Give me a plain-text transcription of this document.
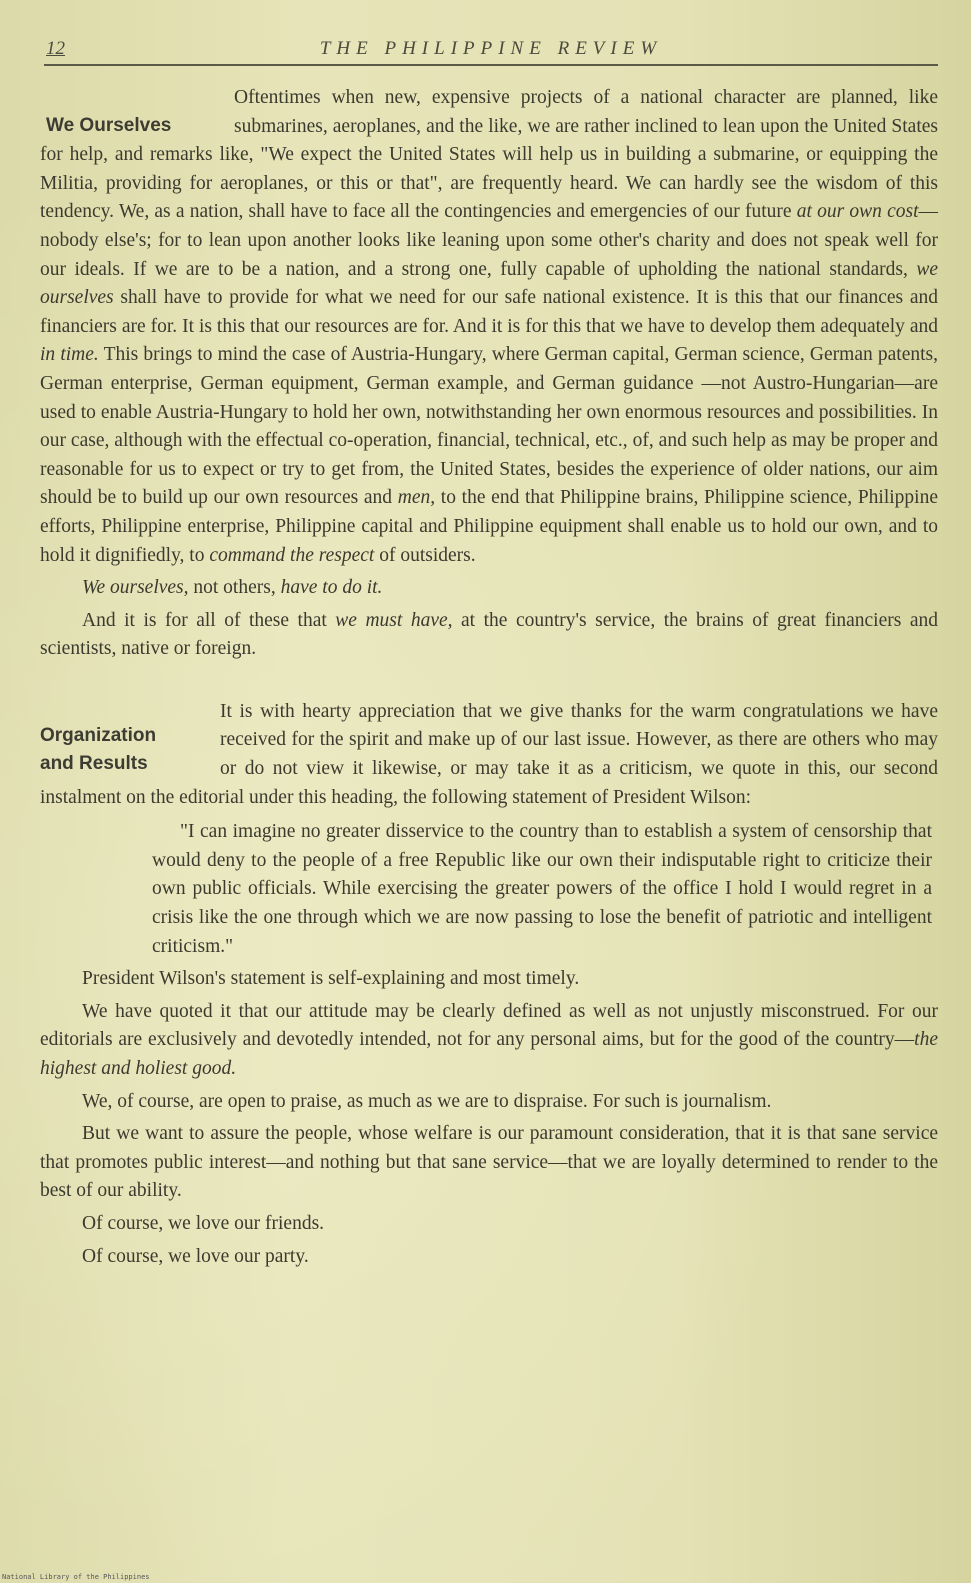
12	THE PHILIPPINE REVIEW
We Ourselves

Oftentimes when new, expensive projects of a national character are planned, like submarines, aeroplanes, and the like, we are rather inclined to lean upon the United States for help, and remarks like, "We expect the United States will help us in building a submarine, or equipping the Militia, providing for aeroplanes, or this or that", are frequently heard. We can hardly see the wisdom of this tendency. We, as a nation, shall have to face all the contingencies and emergencies of our future at our own cost—nobody else's; for to lean upon another looks like leaning upon some other's charity and does not speak well for our ideals. If we are to be a nation, and a strong one, fully capable of upholding the national standards, we ourselves shall have to provide for what we need for our safe national existence. It is this that our finances and financiers are for. It is this that our resources are for. And it is for this that we have to develop them adequately and in time. This brings to mind the case of Austria-Hungary, where German capital, German science, German patents, German enterprise, German equipment, German example, and German guidance —not Austro-Hungarian—are used to enable Austria-Hungary to hold her own, notwithstanding her own enormous resources and possibilities. In our case, although with the effectual co-operation, financial, technical, etc., of, and such help as may be proper and reasonable for us to expect or try to get from, the United States, besides the experience of older nations, our aim should be to build up our own resources and men, to the end that Philippine brains, Philippine science, Philippine efforts, Philippine enterprise, Philippine capital and Philippine equipment shall enable us to hold our own, and to hold it dignifiedly, to command the respect of outsiders.

We ourselves, not others, have to do it.

And it is for all of these that we must have, at the country's service, the brains of great financiers and scientists, native or foreign.

Organization
and Results

It is with hearty appreciation that we give thanks for the warm congratulations we have received for the spirit and make up of our last issue. However, as there are others who may or do not view it likewise, or may take it as a criticism, we quote in this, our second instalment on the editorial under this heading, the following statement of President Wilson:

"I can imagine no greater disservice to the country than to establish a system of censorship that would deny to the people of a free Republic like our own their indisputable right to criticize their own public officials. While exercising the greater powers of the office I hold I would regret in a crisis like the one through which we are now passing to lose the benefit of patriotic and intelligent criticism."

President Wilson's statement is self-explaining and most timely.

We have quoted it that our attitude may be clearly defined as well as not unjustly misconstrued. For our editorials are exclusively and devotedly intended, not for any personal aims, but for the good of the country—the highest and holiest good.

We, of course, are open to praise, as much as we are to dispraise. For such is journalism.

But we want to assure the people, whose welfare is our paramount consideration, that it is that sane service that promotes public interest—and nothing but that sane service—that we are loyally determined to render to the best of our ability.

Of course, we love our friends.

Of course, we love our party.

National Library of the Philippines
